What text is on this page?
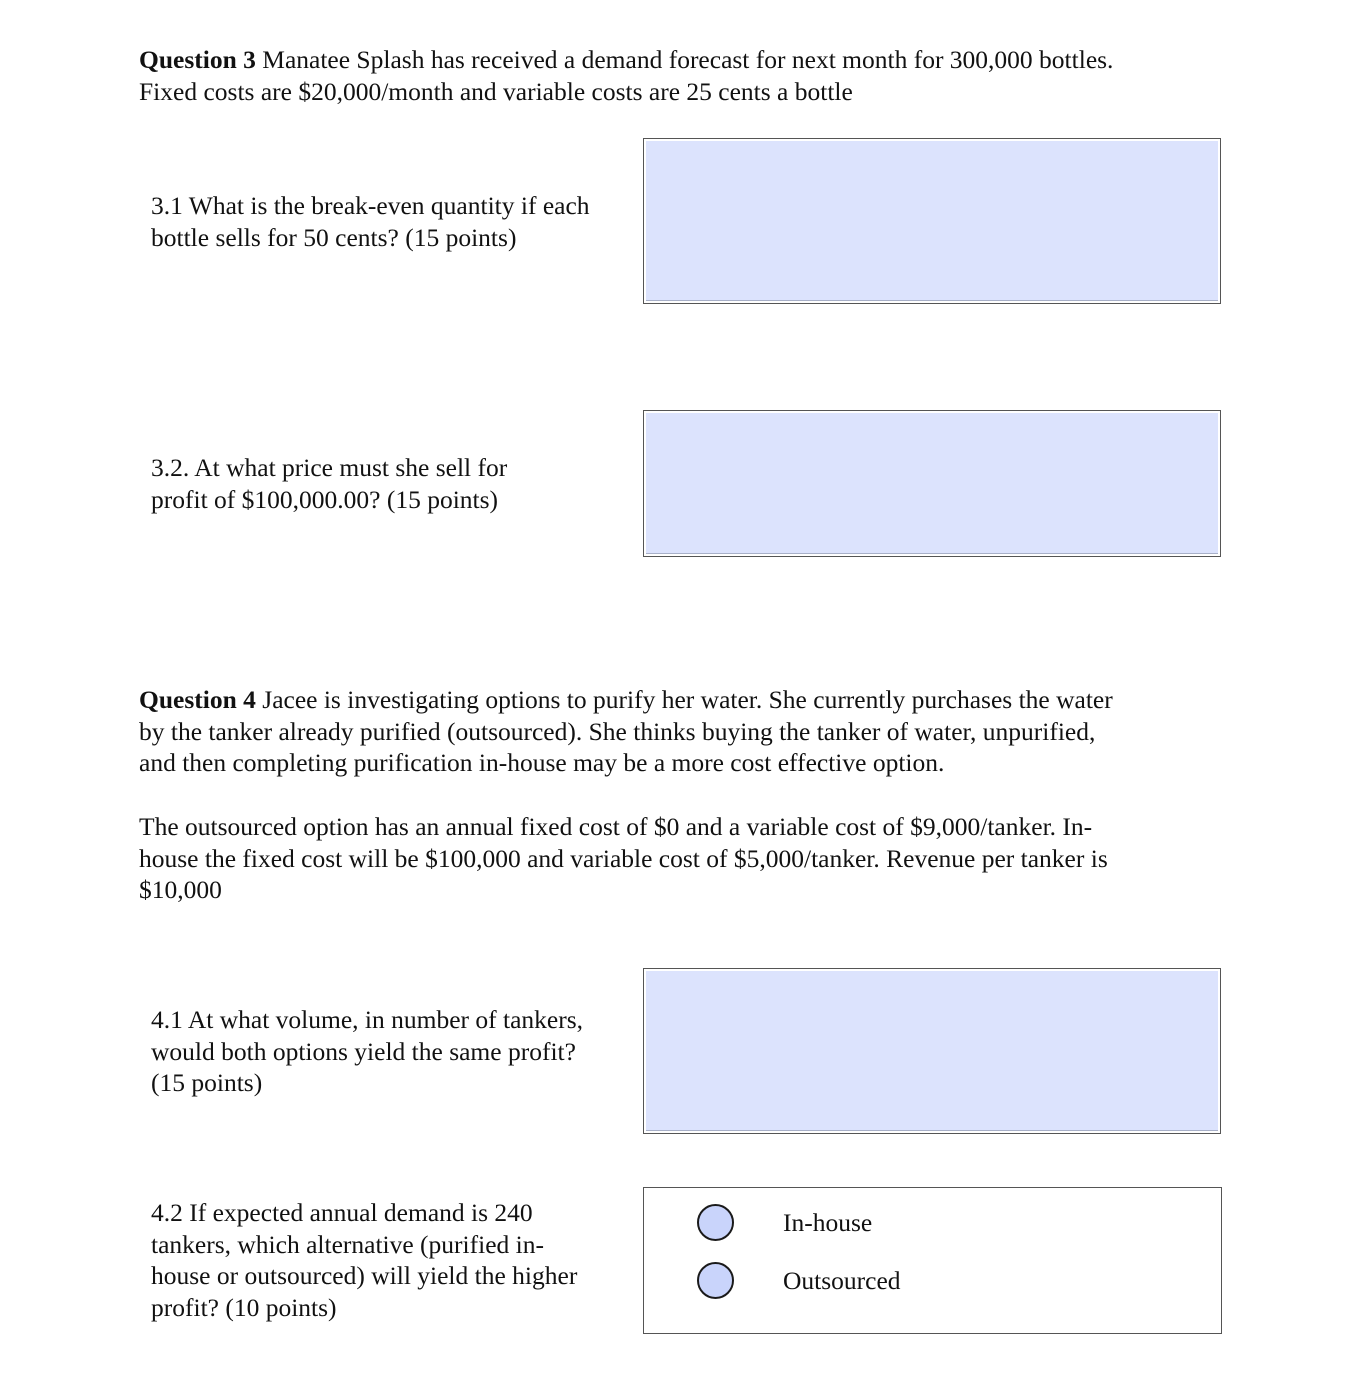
Question 3 Manatee Splash has received a demand forecast for next month for 300,000 bottles.
Fixed costs are $20,000/month and variable costs are 25 cents a bottle

3.1 What is the break-even quantity if each
bottle sells for 50 cents? (15 points)

3.2. At what price must she sell for
profit of $100,000.00? (15 points)

Question 4 Jacee is investigating options to purify her water. She currently purchases the water
by the tanker already purified (outsourced). She thinks buying the tanker of water, unpurified,
and then completing purification in-house may be a more cost effective option.

The outsourced option has an annual fixed cost of $0 and a variable cost of $9,000/tanker. In-
house the fixed cost will be $100,000 and variable cost of $5,000/tanker. Revenue per tanker is
$10,000

4.1 At what volume, in number of tankers,
would both options yield the same profit?
(15 points)

4.2 If expected annual demand is 240
tankers, which alternative (purified in-
house or outsourced) will yield the higher
profit? (10 points)

In-house
Outsourced
